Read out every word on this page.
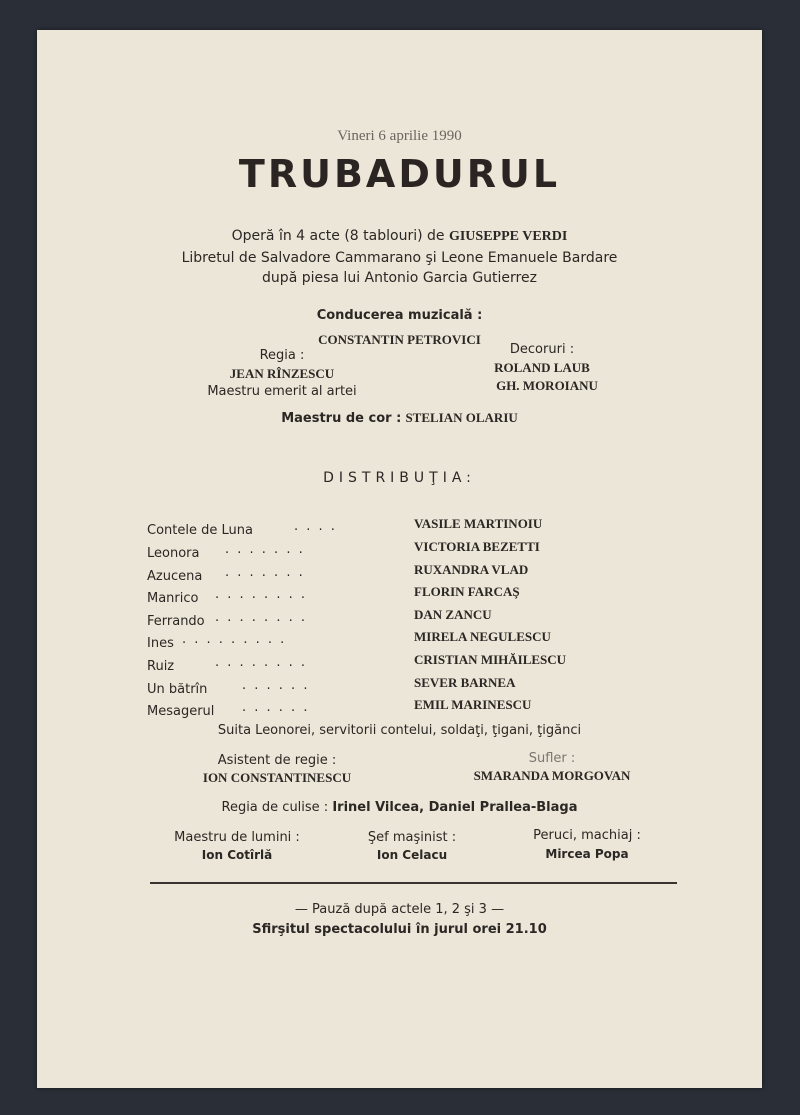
Vineri 6 aprilie 1990
TRUBADURUL
Operă în 4 acte (8 tablouri) de GIUSEPPE VERDI
Libretul de Salvadore Cammarano şi Leone Emanuele Bardare
după piesa lui Antonio Garcia Gutierrez
Conducerea muzicală :
CONSTANTIN PETROVICI
Regia :
JEAN RÎNZESCU
Maestru emerit al artei
Decoruri :
ROLAND LAUB
GH. MOROIANU
Maestru de cor : STELIAN OLARIU
DISTRIBUŢIA:
Contele de Luna	. . . .	VASILE MARTINOIU
Leonora . . . . . . .	VICTORIA BEZETTI
Azucena . . . . . . .	RUXANDRA VLAD
Manrico . . . . . . . .	FLORIN FARCAŞ
Ferrando . . . . . . . .	DAN ZANCU
Ines . . . . . . . . .	MIRELA NEGULESCU
Ruiz	. . . . . . . .	CRISTIAN MIHĂILESCU
Un bătrîn	. . . . . .	SEVER BARNEA
Mesagerul . . . . . .	EMIL MARINESCU
Suita Leonorei, servitorii contelui, soldaţi, ţigani, ţigănci
Asistent de regie :
ION CONSTANTINESCU
Sufler :
SMARANDA MORGOVAN
Regia de culise : Irinel Vilcea, Daniel Prallea-Blaga
Maestru de lumini :
Ion Cotîrlă
Şef maşinist :
Ion Celacu
Peruci, machiaj :
Mircea Popa
— Pauză după actele 1, 2 şi 3 —
Sfirşitul spectacolului în jurul orei 21.10
